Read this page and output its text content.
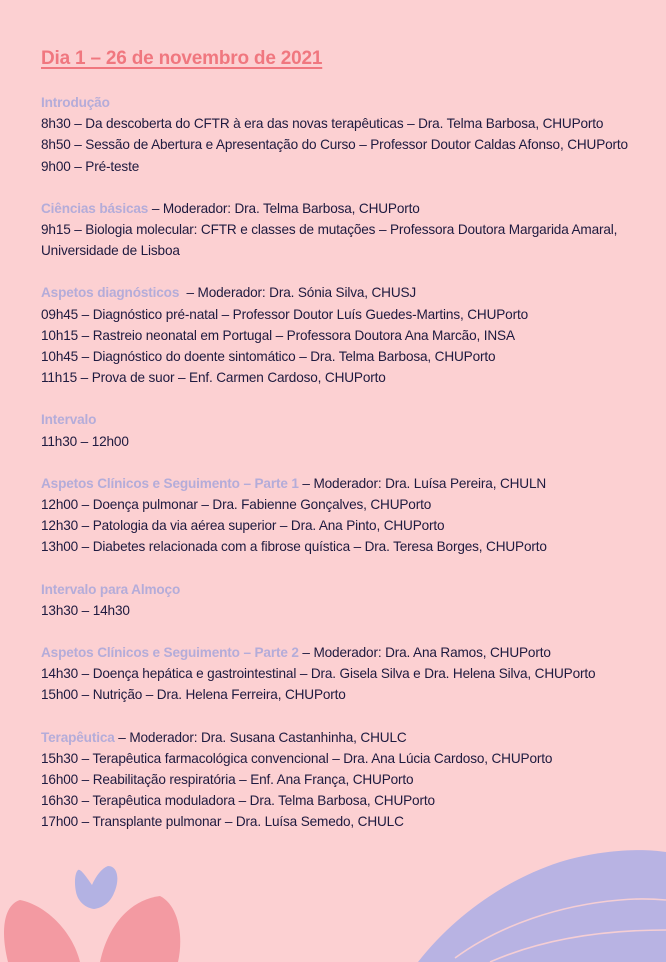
Dia 1 – 26 de novembro de 2021
Introdução
8h30 – Da descoberta do CFTR à era das novas terapêuticas – Dra. Telma Barbosa, CHUPorto
8h50 – Sessão de Abertura e Apresentação do Curso – Professor Doutor Caldas Afonso, CHUPorto
9h00 – Pré-teste
Ciências básicas – Moderador: Dra. Telma Barbosa, CHUPorto
9h15 – Biologia molecular: CFTR e classes de mutações – Professora Doutora Margarida Amaral, Universidade de Lisboa
Aspetos diagnósticos  – Moderador: Dra. Sónia Silva, CHUSJ
09h45 – Diagnóstico pré-natal – Professor Doutor Luís Guedes-Martins, CHUPorto
10h15 – Rastreio neonatal em Portugal – Professora Doutora Ana Marcão, INSA
10h45 – Diagnóstico do doente sintomático – Dra. Telma Barbosa, CHUPorto
11h15 – Prova de suor – Enf. Carmen Cardoso, CHUPorto
Intervalo
11h30 – 12h00
Aspetos Clínicos e Seguimento – Parte 1 – Moderador: Dra. Luísa Pereira, CHULN
12h00 – Doença pulmonar – Dra. Fabienne Gonçalves, CHUPorto
12h30 – Patologia da via aérea superior – Dra. Ana Pinto, CHUPorto
13h00 – Diabetes relacionada com a fibrose quística – Dra. Teresa Borges, CHUPorto
Intervalo para Almoço
13h30 – 14h30
Aspetos Clínicos e Seguimento – Parte 2 – Moderador: Dra. Ana Ramos, CHUPorto
14h30 – Doença hepática e gastrointestinal – Dra. Gisela Silva e Dra. Helena Silva, CHUPorto
15h00 – Nutrição – Dra. Helena Ferreira, CHUPorto
Terapêutica – Moderador: Dra. Susana Castanhinha, CHULC
15h30 – Terapêutica farmacológica convencional – Dra. Ana Lúcia Cardoso, CHUPorto
16h00 – Reabilitação respiratória – Enf. Ana França, CHUPorto
16h30 – Terapêutica moduladora – Dra. Telma Barbosa, CHUPorto
17h00 – Transplante pulmonar – Dra. Luísa Semedo, CHULC
